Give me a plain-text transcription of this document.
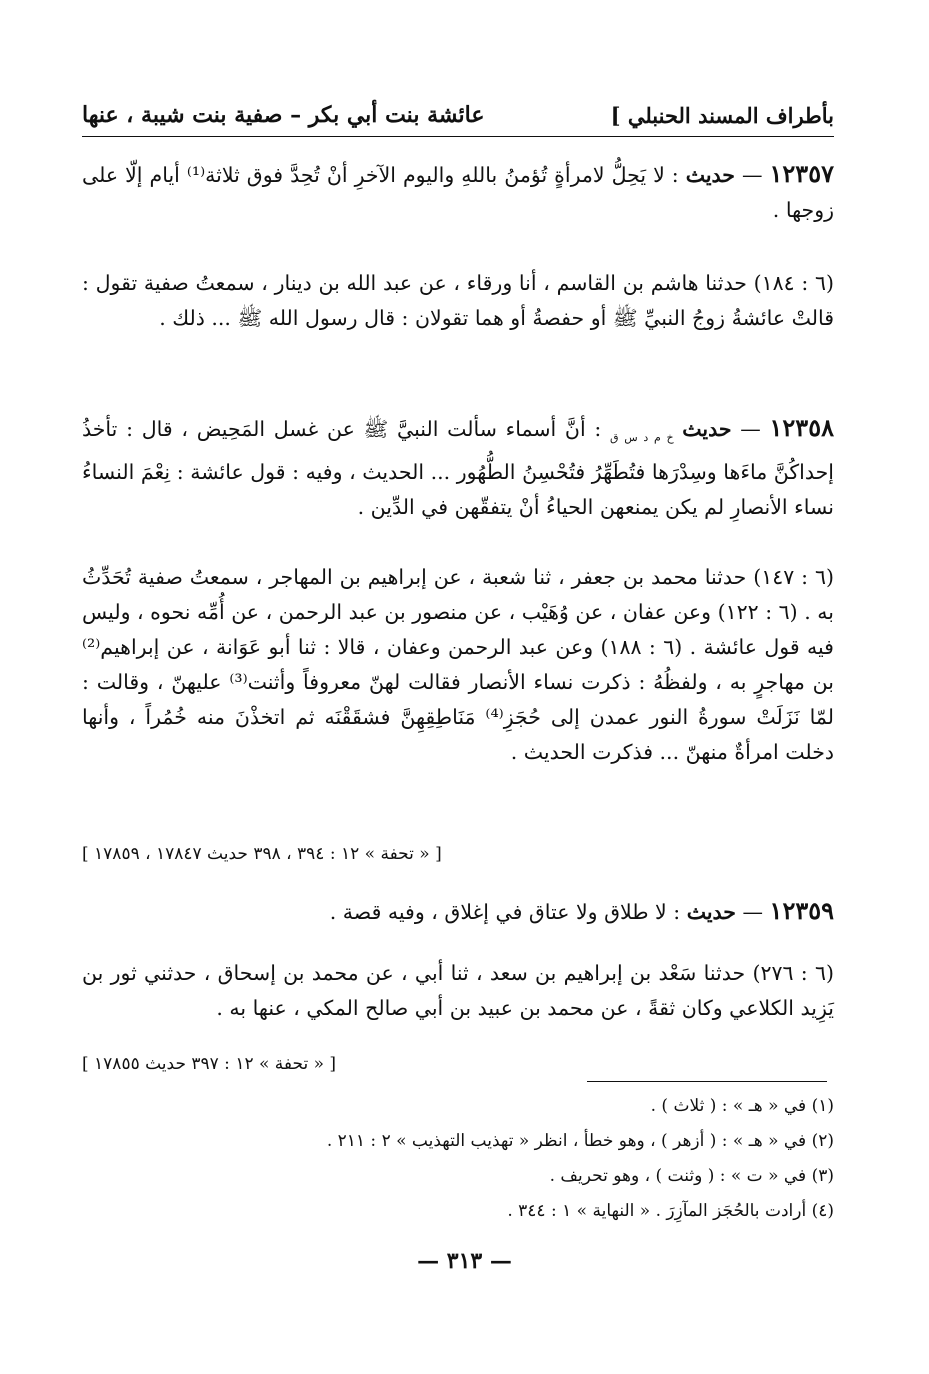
بأطراف المسند الحنبلي ]
عائشة بنت أبي بكر – صفية بنت شيبة ، عنها
١٢٣٥٧ — حديث : لا يَحِلُّ لامرأةٍ تُؤمنُ باللهِ واليوم الآخرِ أنْ تُحِدَّ فوق ثلاثة⁽¹⁾ أيام إلّا على زوجها .
(٦ : ١٨٤) حدثنا هاشم بن القاسم ، أنا ورقاء ، عن عبد الله بن دينار ، سمعتُ صفية تقول : قالتْ عائشةُ زوجُ النبيِّ ﷺ أو حفصةُ أو هما تقولان : قال رسول الله ﷺ ... ذلك .
١٢٣٥٨ — حديث $_{خ م د س ق}$ : أنَّ أسماء سألت النبيَّ ﷺ عن غسل المَحِيض ، قال : تأخذُ إحداكُنَّ ماءَها وسِدْرَها فتُطَهِّرُ فتُحْسِنُ الطُّهُور ... الحديث ، وفيه : قول عائشة : نِعْمَ النساءُ نساء الأنصارِ لم يكن يمنعهن الحياءُ أنْ يتفقّهن في الدِّين .
(٦ : ١٤٧) حدثنا محمد بن جعفر ، ثنا شعبة ، عن إبراهيم بن المهاجر ، سمعتُ صفية تُحَدِّثُ به . (٦ : ١٢٢) وعن عفان ، عن وُهَيْب ، عن منصور بن عبد الرحمن ، عن أُمِّه نحوه ، وليس فيه قول عائشة . (٦ : ١٨٨) وعن عبد الرحمن وعفان ، قالا : ثنا أبو عَوَانة ، عن إبراهيم⁽²⁾ بن مهاجرٍ به ، ولفظُهُ : ذكرت نساء الأنصار فقالت لهنّ معروفاً وأثنت⁽³⁾ عليهنّ ، وقالت : لمّا نَزَلَتْ سورةُ النور عمدن إلى حُجَزِ⁽⁴⁾ مَنَاطِقِهِنَّ فشقَقْنَه ثم اتخذْنَ منه خُمُراً ، وأنها دخلت امرأةٌ منهنّ ... فذكرت الحديث .
[ « تحفة » ١٢ : ٣٩٤ ، ٣٩٨ حديث ١٧٨٤٧ ، ١٧٨٥٩ ]
١٢٣٥٩ — حديث : لا طلاق ولا عتاق في إغلاق ، وفيه قصة .
(٦ : ٢٧٦) حدثنا سَعْد بن إبراهيم بن سعد ، ثنا أبي ، عن محمد بن إسحاق ، حدثني ثور بن يَزِيد الكلاعي وكان ثقةً ، عن محمد بن عبيد بن أبي صالح المكي ، عنها به .
[ « تحفة » ١٢ : ٣٩٧ حديث ١٧٨٥٥ ]
(١) في « هـ » : ( ثلاث ) .
(٢) في « هـ » : ( أزهر ) ، وهو خطأ ، انظر « تهذيب التهذيب » ٢ : ٢١١ .
(٣) في « ت » : ( وثنت ) ، وهو تحريف .
(٤) أرادت بالحُجَز المآزِرَ . « النهاية » ١ : ٣٤٤ .
— ٣١٣ —
